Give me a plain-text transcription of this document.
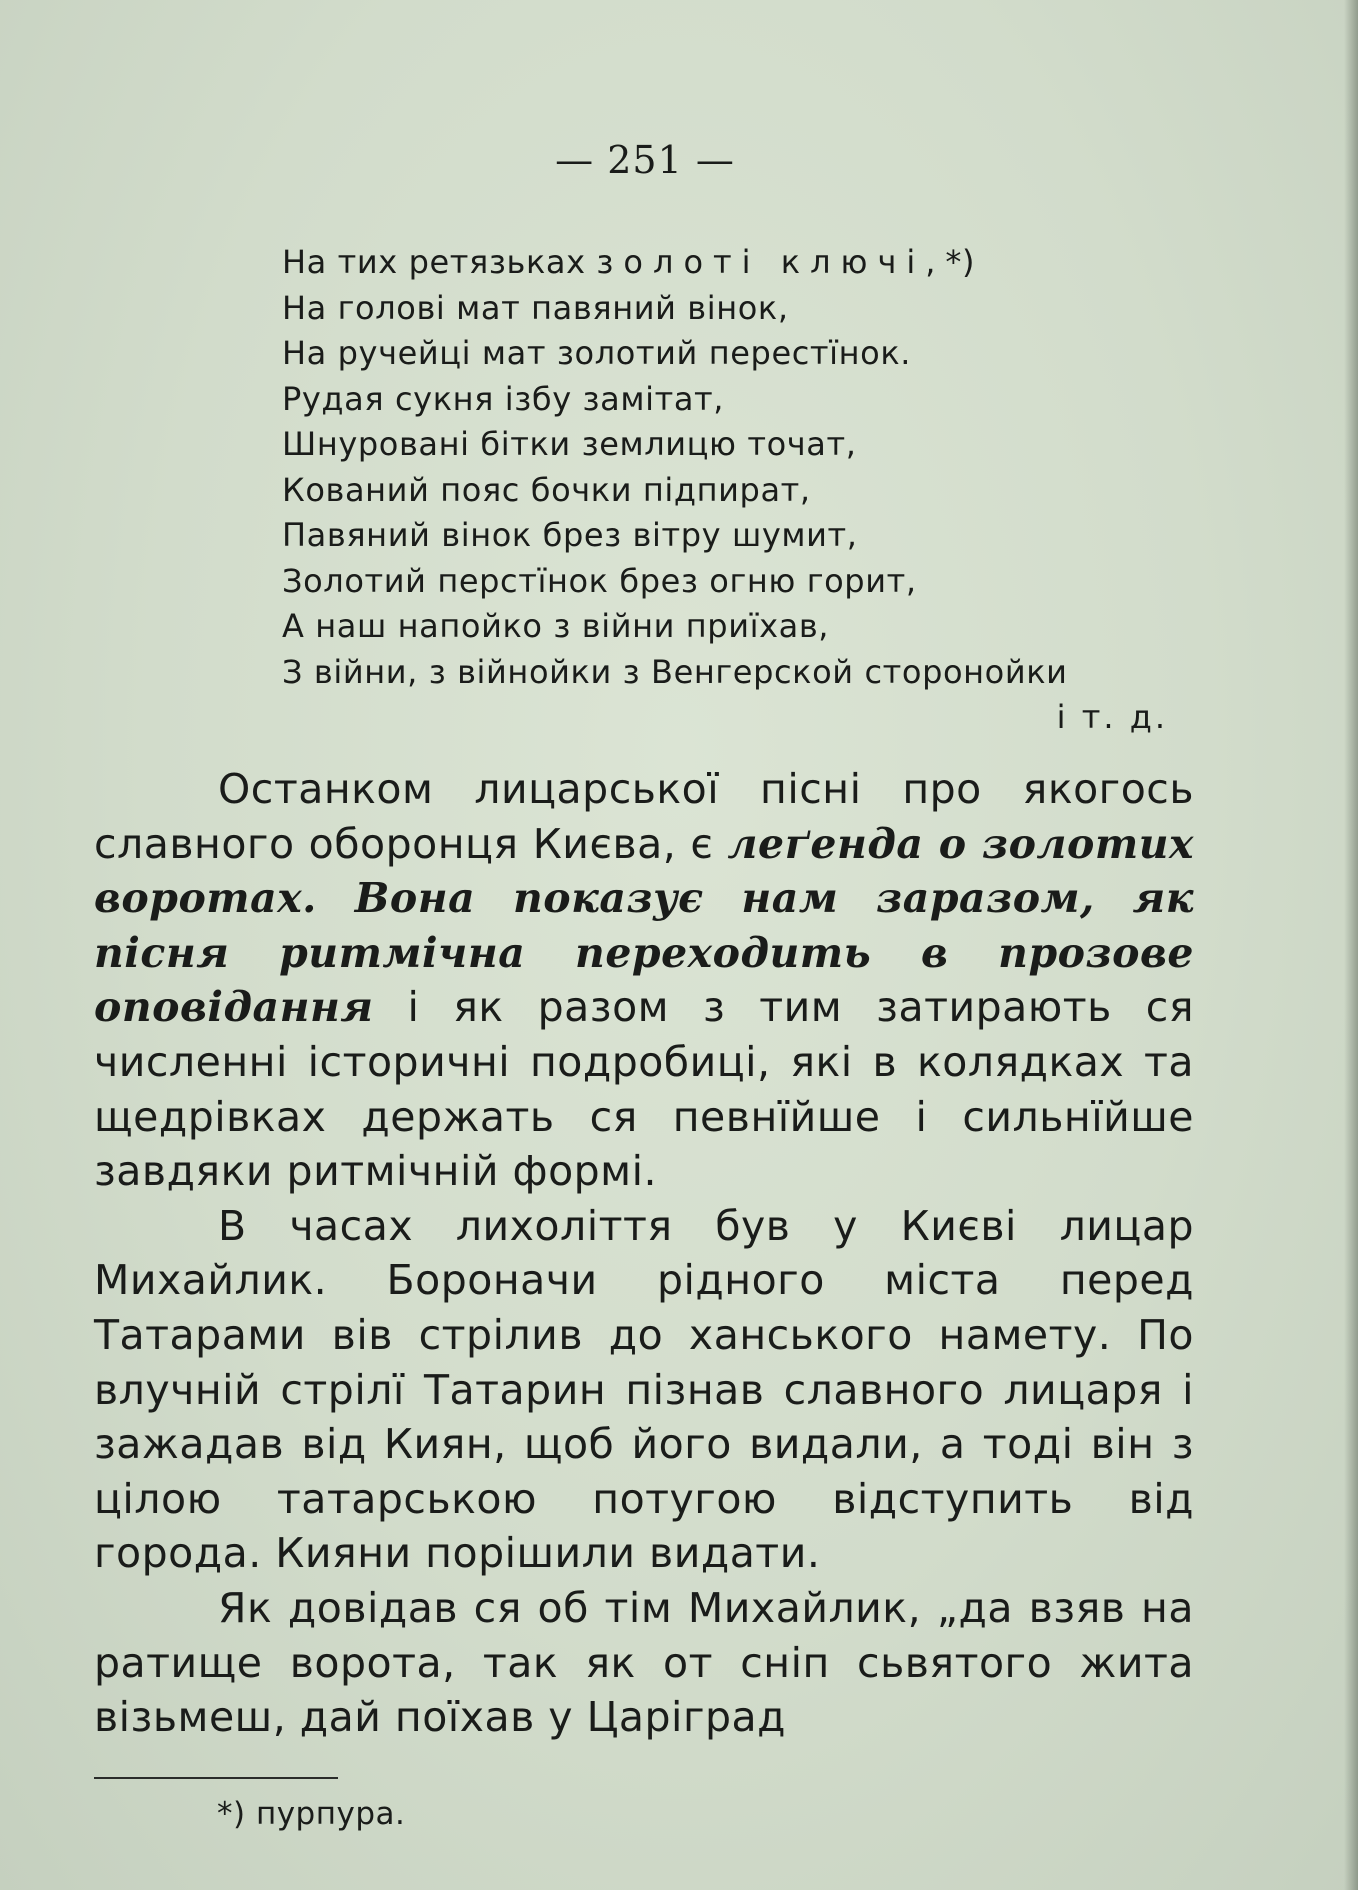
— 251 —
На тих ретязьках золоті ключі,*)
На голові мат павяний вінок,
На ручейці мат золотий перестїнок.
Рудая сукня ізбу замітат,
Шнуровані бітки землицю точат,
Кований пояс бочки підпират,
Павяний вінок брез вітру шумит,
Золотий перстїнок брез огню горит,
А наш напойко з війни приїхав,
З війни, з війнойки з Венгерской сторонойки
і т. д.

Останком лицарської пісні про якогось славного оборонця Києва, є леґенда о золотих воротах. Вона показує нам заразом, як пісня ритмічна переходить в прозове оповідання і як разом з тим затирають ся численні історичні подробиці, які в колядках та щедрівках держать ся певнїйше і сильнїйше завдяки ритмічній формі.

В часах лихоліття був у Києві лицар Михайлик. Бороначи рідного міста перед Татарами вів стрілив до ханського намету. По влучній стрілї Татарин пізнав славного лицаря і зажадав від Киян, щоб його видали, а тоді він з цілою татарською потугою відступить від города. Кияни порішили видати.

Як довідав ся об тім Михайлик, „да взяв на ратище ворота, так як от сніп сьвятого жита візьмеш, дай поїхав у Царіград

*) пурпура.
